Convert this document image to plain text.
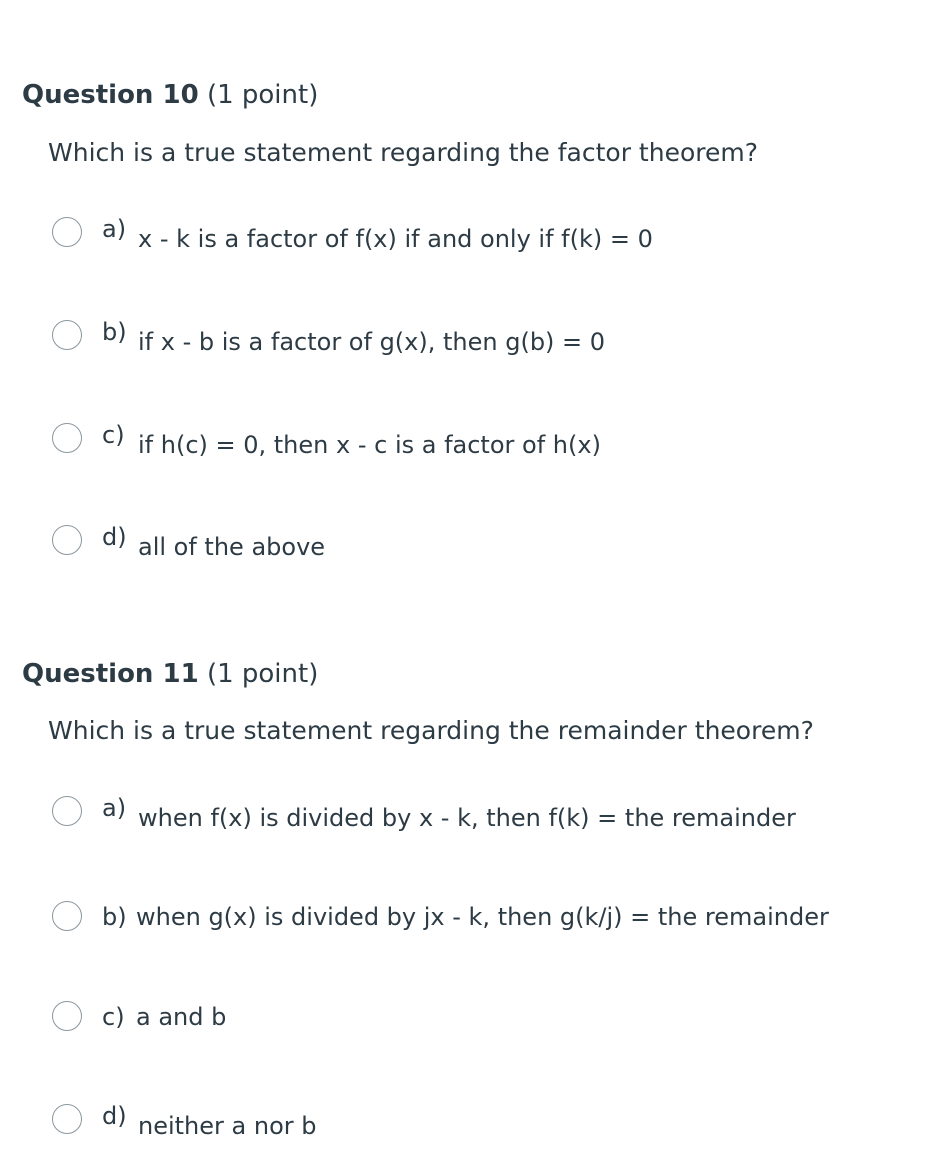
Question 10 (1 point)
Which is a true statement regarding the factor theorem?
a) x - k is a factor of f(x) if and only if f(k) = 0
b) if x - b is a factor of g(x), then g(b) = 0
c) if h(c) = 0, then x - c is a factor of h(x)
d) all of the above
Question 11 (1 point)
Which is a true statement regarding the remainder theorem?
a) when f(x) is divided by x - k, then f(k) = the remainder
b) when g(x) is divided by jx - k, then g(k/j) = the remainder
c) a and b
d) neither a nor b
